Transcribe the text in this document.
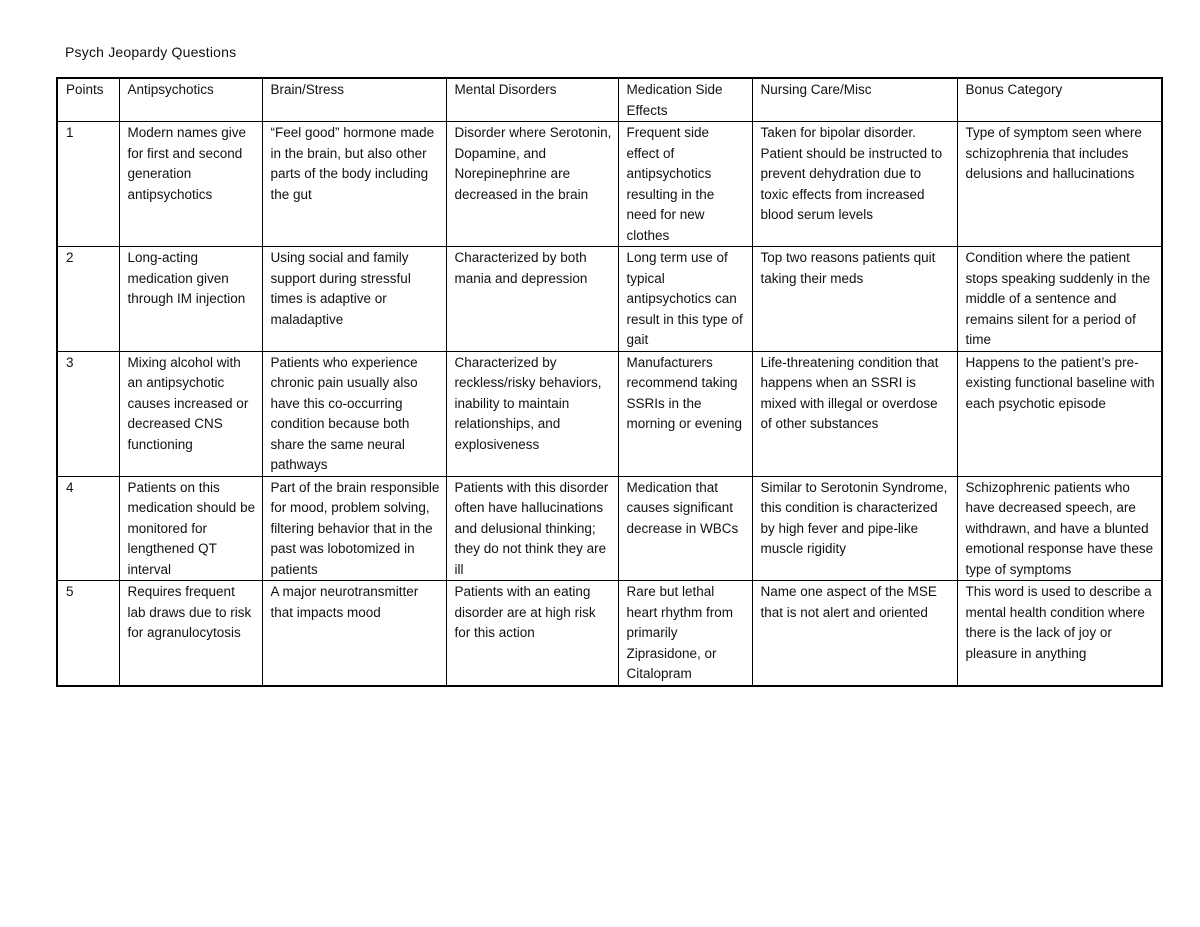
Psych Jeopardy Questions
Points	Antipsychotics	Brain/Stress	Mental Disorders	Medication Side Effects	Nursing Care/Misc	Bonus Category
1	Modern names give for first and second generation antipsychotics	“Feel good” hormone made in the brain, but also other parts of the body including the gut	Disorder where Serotonin, Dopamine, and Norepinephrine are decreased in the brain	Frequent side effect of antipsychotics resulting in the need for new clothes	Taken for bipolar disorder. Patient should be instructed to prevent dehydration due to toxic effects from increased blood serum levels	Type of symptom seen where schizophrenia that includes delusions and hallucinations
2	Long-acting medication given through IM injection	Using social and family support during stressful times is adaptive or maladaptive	Characterized by both mania and depression	Long term use of typical antipsychotics can result in this type of gait	Top two reasons patients quit taking their meds	Condition where the patient stops speaking suddenly in the middle of a sentence and remains silent for a period of time
3	Mixing alcohol with an antipsychotic causes increased or decreased CNS functioning	Patients who experience chronic pain usually also have this co-occurring condition because both share the same neural pathways	Characterized by reckless/risky behaviors, inability to maintain relationships, and explosiveness	Manufacturers recommend taking SSRIs in the morning or evening	Life-threatening condition that happens when an SSRI is mixed with illegal or overdose of other substances	Happens to the patient’s pre-existing functional baseline with each psychotic episode
4	Patients on this medication should be monitored for lengthened QT interval	Part of the brain responsible for mood, problem solving, filtering behavior that in the past was lobotomized in patients	Patients with this disorder often have hallucinations and delusional thinking; they do not think they are ill	Medication that causes significant decrease in WBCs	Similar to Serotonin Syndrome, this condition is characterized by high fever and pipe-like muscle rigidity	Schizophrenic patients who have decreased speech, are withdrawn, and have a blunted emotional response have these type of symptoms
5	Requires frequent lab draws due to risk for agranulocytosis	A major neurotransmitter that impacts mood	Patients with an eating disorder are at high risk for this action	Rare but lethal heart rhythm from primarily Ziprasidone, or Citalopram	Name one aspect of the MSE that is not alert and oriented	This word is used to describe a mental health condition where there is the lack of joy or pleasure in anything
